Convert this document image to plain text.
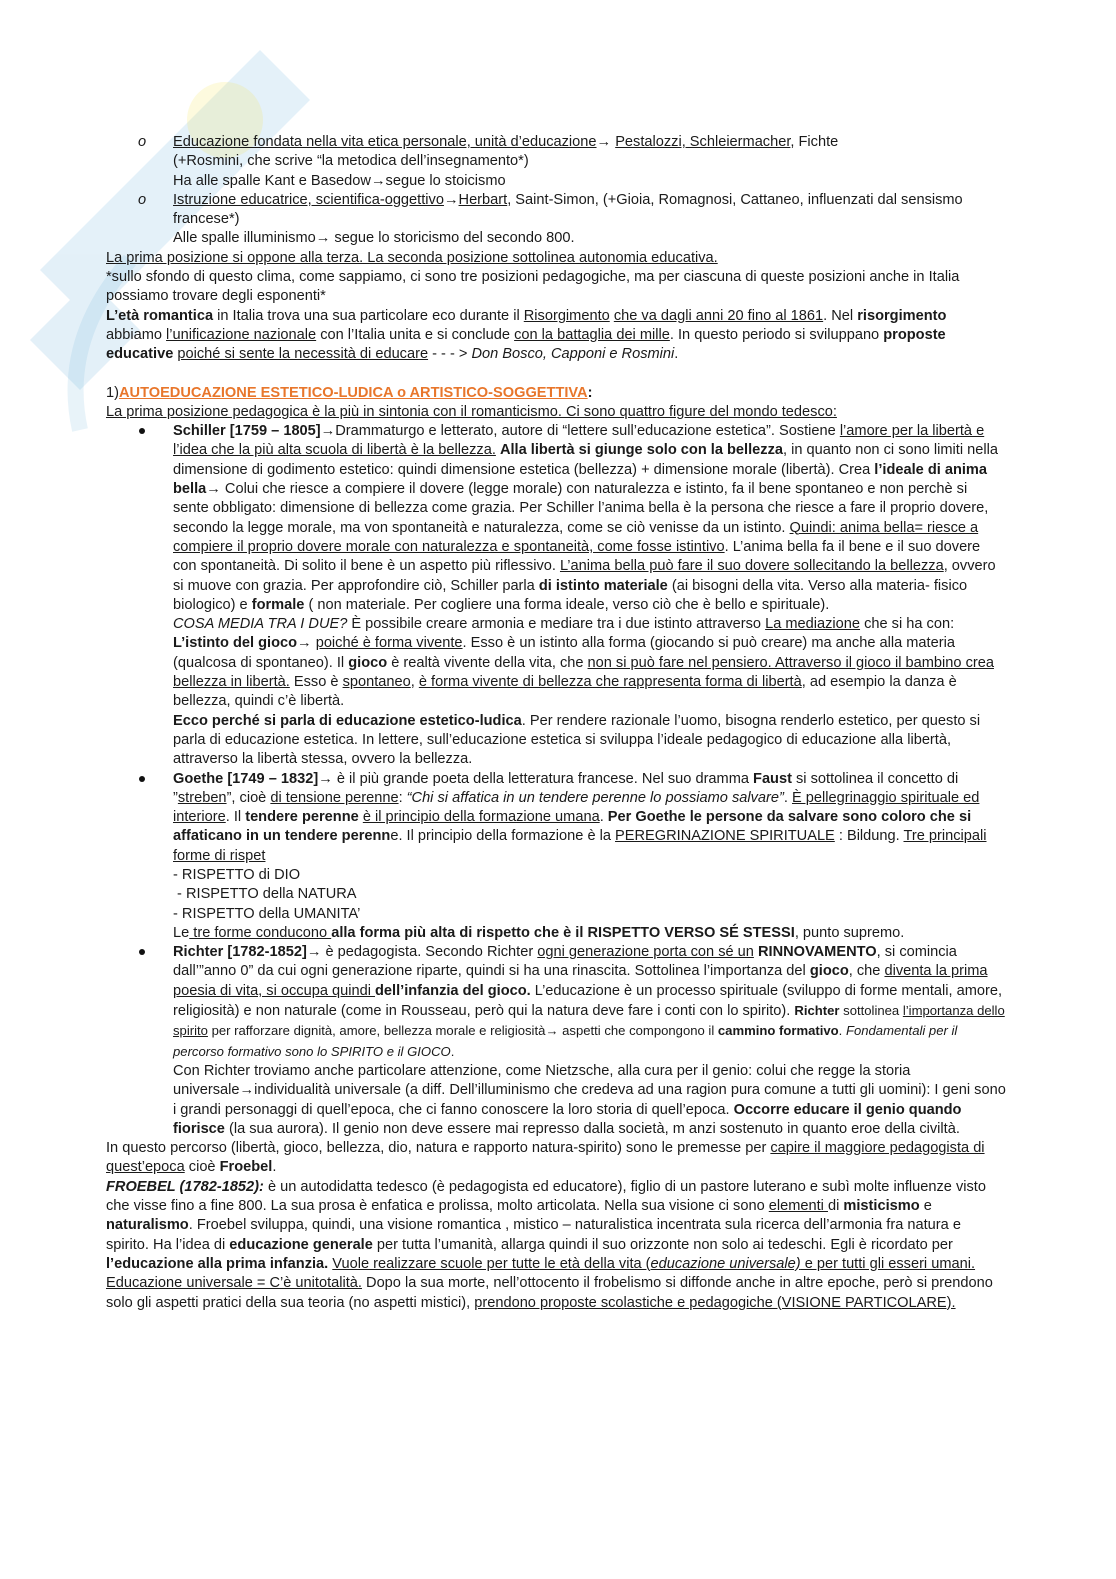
o Educazione fondata nella vita etica personale, unità d’educazione→ Pestalozzi, Schleiermacher, Fichte

(+Rosmini, che scrive “la metodica dell’insegnamento*)

Ha alle spalle Kant e Basedow→segue lo stoicismo

o Istruzione educatrice, scientifica-oggettivo→Herbart, Saint-Simon, (+Gioia, Romagnosi, Cattaneo, influenzati dal sensismo francese*)

Alle spalle illuminismo→ segue lo storicismo del secondo 800.

La prima posizione si oppone alla terza. La seconda posizione sottolinea autonomia educativa.

*sullo sfondo di questo clima, come sappiamo, ci sono tre posizioni pedagogiche, ma per ciascuna di queste posizioni anche in Italia possiamo trovare degli esponenti*

L’età romantica in Italia trova una sua particolare eco durante il Risorgimento che va dagli anni 20 fino al 1861. Nel risorgimento abbiamo l’unificazione nazionale con l’Italia unita e si conclude con la battaglia dei mille. In questo periodo si sviluppano proposte educative poiché si sente la necessità di educare - - - > Don Bosco, Capponi e Rosmini.

1)AUTOEDUCAZIONE ESTETICO-LUDICA o ARTISTICO-SOGGETTIVA:

La prima posizione pedagogica è la più in sintonia con il romanticismo. Ci sono quattro figure del mondo tedesco:

Schiller [1759 – 1805]→Drammaturgo e letterato, autore di “lettere sull’educazione estetica”. Sostiene l’amore per la libertà e l’idea che la più alta scuola di libertà è la bellezza. Alla libertà si giunge solo con la bellezza, in quanto non ci sono limiti nella dimensione di godimento estetico: quindi dimensione estetica (bellezza) + dimensione morale (libertà). Crea l’ideale di anima bella→ Colui che riesce a compiere il dovere (legge morale) con naturalezza e istinto, fa il bene spontaneo e non perchè si sente obbligato: dimensione di bellezza come grazia. Per Schiller l’anima bella è la persona che riesce a fare il proprio dovere, secondo la legge morale, ma von spontaneità e naturalezza, come se ciò venisse da un istinto. Quindi: anima bella= riesce a compiere il proprio dovere morale con naturalezza e spontaneità, come fosse istintivo. L’anima bella fa il bene e il suo dovere con spontaneità. Di solito il bene è un aspetto più riflessivo. L’anima bella può fare il suo dovere sollecitando la bellezza, ovvero si muove con grazia. Per approfondire ciò, Schiller parla di istinto materiale (ai bisogni della vita. Verso alla materia- fisico biologico) e formale ( non materiale. Per cogliere una forma ideale, verso ciò che è bello e spirituale).

COSA MEDIA TRA I DUE? È possibile creare armonia e mediare tra i due istinto attraverso La mediazione che si ha con: L’istinto del gioco→ poiché è forma vivente. Esso è un istinto alla forma (giocando si può creare) ma anche alla materia (qualcosa di spontaneo). Il gioco è realtà vivente della vita, che non si può fare nel pensiero. Attraverso il gioco il bambino crea bellezza in libertà. Esso è spontaneo, è forma vivente di bellezza che rappresenta forma di libertà, ad esempio la danza è bellezza, quindi c’è libertà.

Ecco perché si parla di educazione estetico-ludica. Per rendere razionale l’uomo, bisogna renderlo estetico, per questo si parla di educazione estetica. In lettere, sull’educazione estetica si sviluppa l’ideale pedagogico di educazione alla libertà, attraverso la libertà stessa, ovvero la bellezza.

Goethe [1749 – 1832]→ è il più grande poeta della letteratura francese. Nel suo dramma Faust si sottolinea il concetto di ”streben”, cioè di tensione perenne: “Chi si affatica in un tendere perenne lo possiamo salvare”. È pellegrinaggio spirituale ed interiore. Il tendere perenne è il principio della formazione umana. Per Goethe le persone da salvare sono coloro che si affaticano in un tendere perenne. Il principio della formazione è la PEREGRINAZIONE SPIRITUALE : Bildung. Tre principali forme di rispet

- RISPETTO di DIO

- RISPETTO della NATURA

- RISPETTO della UMANITA’

Le tre forme conducono alla forma più alta di rispetto che è il RISPETTO VERSO SÉ STESSI, punto supremo.

Richter [1782-1852]→ è pedagogista. Secondo Richter ogni generazione porta con sé un RINNOVAMENTO, si comincia dall’”anno 0” da cui ogni generazione riparte, quindi si ha una rinascita. Sottolinea l’importanza del gioco, che diventa la prima poesia di vita, si occupa quindi dell’infanzia del gioco. L’educazione è un processo spirituale (sviluppo di forme mentali, amore, religiosità) e non naturale (come in Rousseau, però qui la natura deve fare i conti con lo spirito). Richter sottolinea l’importanza dello spirito per rafforzare dignità, amore, bellezza morale e religiosità→ aspetti che compongono il cammino formativo. Fondamentali per il percorso formativo sono lo SPIRITO e il GIOCO.

Con Richter troviamo anche particolare attenzione, come Nietzsche, alla cura per il genio: colui che regge la storia universale→individualità universale (a diff. Dell’illuminismo che credeva ad una ragion pura comune a tutti gli uomini): I geni sono i grandi personaggi di quell’epoca, che ci fanno conoscere la loro storia di quell’epoca. Occorre educare il genio quando fiorisce (la sua aurora). Il genio non deve essere mai represso dalla società, m anzi sostenuto in quanto eroe della civiltà.

In questo percorso (libertà, gioco, bellezza, dio, natura e rapporto natura-spirito) sono le premesse per capire il maggiore pedagogista di quest’epoca cioè Froebel.

FROEBEL (1782-1852): è un autodidatta tedesco (è pedagogista ed educatore), figlio di un pastore luterano e subì molte influenze visto che visse fino a fine 800. La sua prosa è enfatica e prolissa, molto articolata. Nella sua visione ci sono elementi di misticismo e naturalismo. Froebel sviluppa, quindi, una visione romantica , mistico – naturalistica incentrata sula ricerca dell’armonia fra natura e spirito. Ha l’idea di educazione generale per tutta l’umanità, allarga quindi il suo orizzonte non solo ai tedeschi. Egli è ricordato per l’educazione alla prima infanzia. Vuole realizzare scuole per tutte le età della vita (educazione universale) e per tutti gli esseri umani. Educazione universale = C’è unitotalità. Dopo la sua morte, nell’ottocento il frobelismo si diffonde anche in altre epoche, però si prendono solo gli aspetti pratici della sua teoria (no aspetti mistici), prendono proposte scolastiche e pedagogiche (VISIONE PARTICOLARE).
